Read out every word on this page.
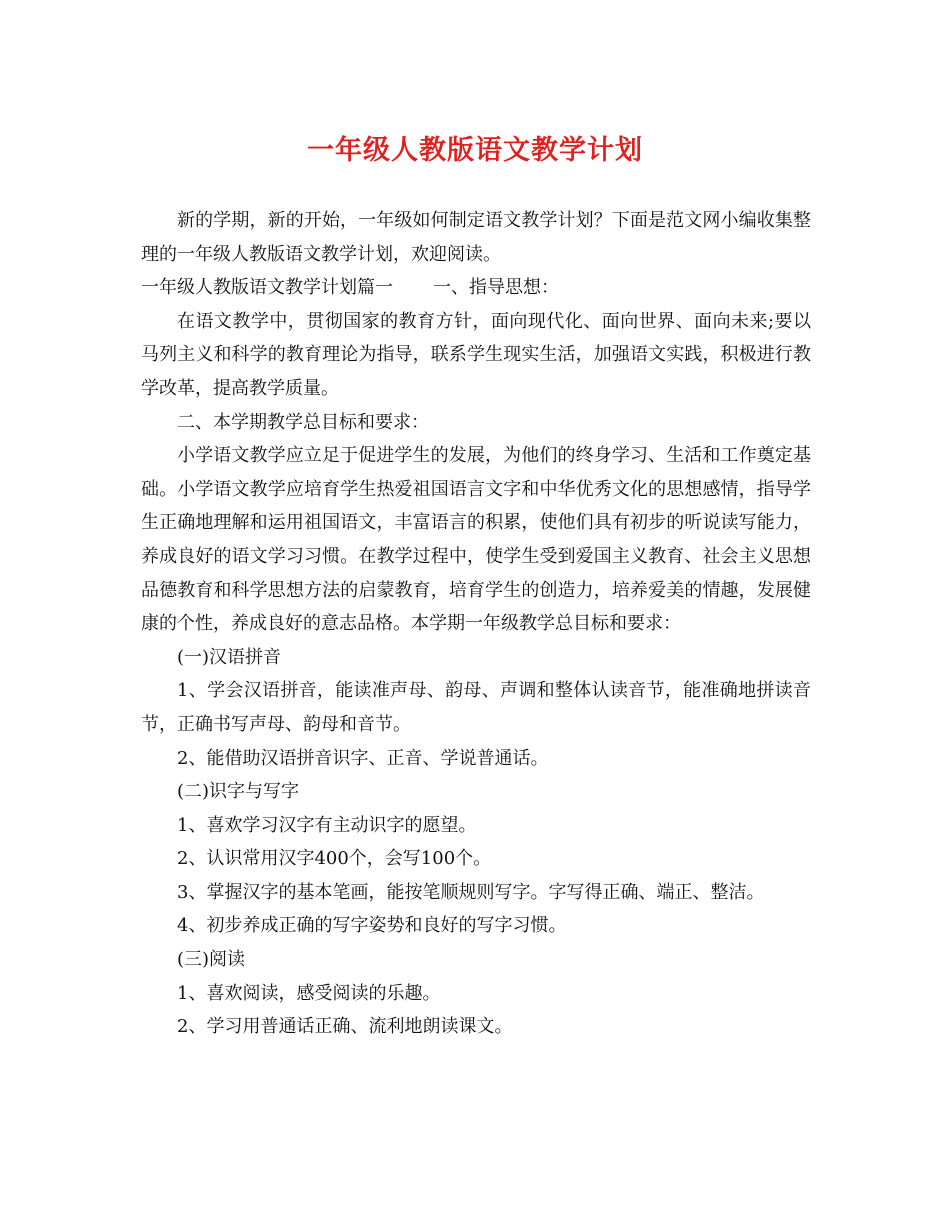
一年级人教版语文教学计划

新的学期，新的开始，一年级如何制定语文教学计划？下面是范文网小编收集整理的一年级人教版语文教学计划，欢迎阅读。

一年级人教版语文教学计划篇一 一、指导思想：

在语文教学中，贯彻国家的教育方针，面向现代化、面向世界、面向未来;要以马列主义和科学的教育理论为指导，联系学生现实生活，加强语文实践，积极进行教学改革，提高教学质量。

二、本学期教学总目标和要求：

小学语文教学应立足于促进学生的发展，为他们的终身学习、生活和工作奠定基础。小学语文教学应培育学生热爱祖国语言文字和中华优秀文化的思想感情，指导学生正确地理解和运用祖国语文，丰富语言的积累，使他们具有初步的听说读写能力，养成良好的语文学习习惯。在教学过程中，使学生受到爱国主义教育、社会主义思想品德教育和科学思想方法的启蒙教育，培育学生的创造力，培养爱美的情趣，发展健康的个性，养成良好的意志品格。本学期一年级教学总目标和要求：

(一)汉语拼音

1、学会汉语拼音，能读准声母、韵母、声调和整体认读音节，能准确地拼读音节，正确书写声母、韵母和音节。

2、能借助汉语拼音识字、正音、学说普通话。

(二)识字与写字

1、喜欢学习汉字有主动识字的愿望。

2、认识常用汉字400个，会写100个。

3、掌握汉字的基本笔画，能按笔顺规则写字。字写得正确、端正、整洁。

4、初步养成正确的写字姿势和良好的写字习惯。

(三)阅读

1、喜欢阅读，感受阅读的乐趣。

2、学习用普通话正确、流利地朗读课文。
